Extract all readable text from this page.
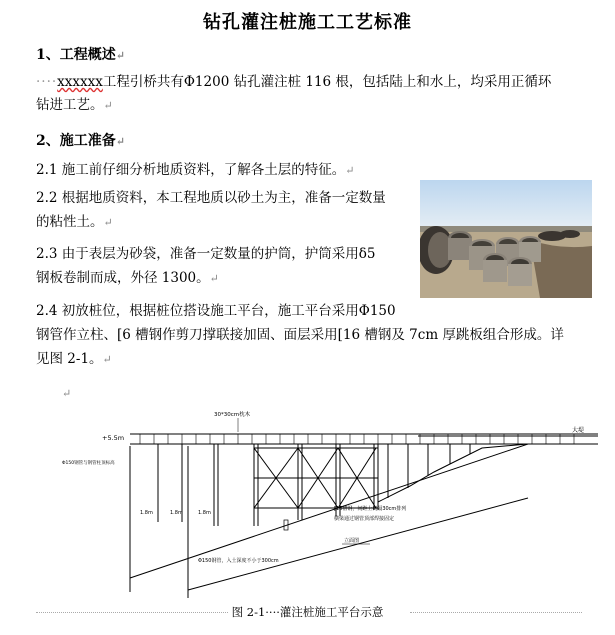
钻孔灌注桩施工工艺标准
1、工程概述↵
····xxxxxx工程引桥共有Φ1200 钻孔灌注桩 116 根，包括陆上和水上，均采用正循环
钻进工艺。↵
2、施工准备↵
2.1 施工前仔细分析地质资料，了解各土层的特征。↵
2.2 根据地质资料，本工程地质以砂土为主，准备一定数量
的粘性土。↵
2.3 由于表层为砂袋，准备一定数量的护筒，护筒采用δ5
钢板卷制而成，外径 1300。↵
2.4 初放桩位，根据桩位搭设施工平台，施工平台采用Φ150
钢管作立柱、[6 槽钢作剪刀撑联接加固、面层采用[16 槽钢及 7cm 厚跳板组合形成。详
见图 2-1。↵
↵
30*30cm枕木
+5.5m
大堤
Φ150钢管与钢管柱顶标高
1.8m	1.8m	1.8m
[16槽钢，间距上间隔30cm排列
横梁通过钢管顶部焊接固定
立面图
Φ150钢管，入土深度不小于300cm
图 2-1····灌注桩施工平台示意
